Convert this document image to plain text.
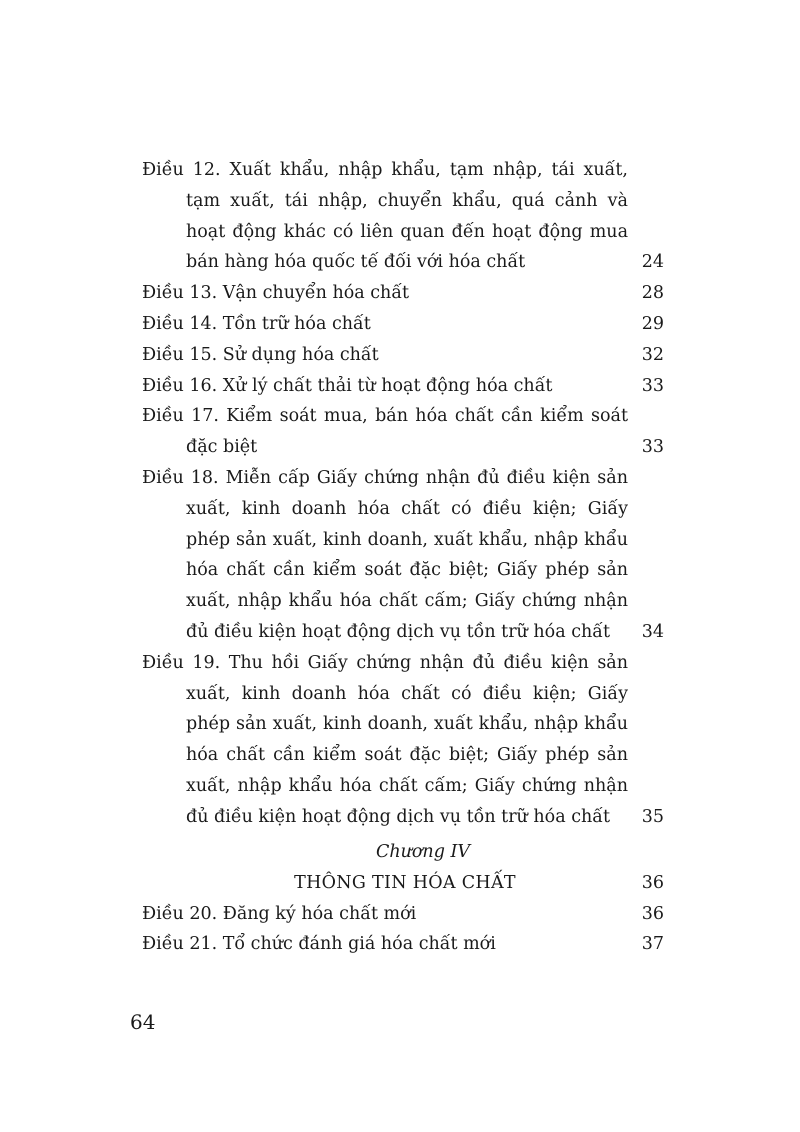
Điều 12. Xuất khẩu, nhập khẩu, tạm nhập, tái xuất, tạm xuất, tái nhập, chuyển khẩu, quá cảnh và hoạt động khác có liên quan đến hoạt động mua bán hàng hóa quốc tế đối với hóa chất	24
Điều 13. Vận chuyển hóa chất	28
Điều 14. Tồn trữ hóa chất	29
Điều 15. Sử dụng hóa chất	32
Điều 16. Xử lý chất thải từ hoạt động hóa chất	33
Điều 17. Kiểm soát mua, bán hóa chất cần kiểm soát đặc biệt	33
Điều 18. Miễn cấp Giấy chứng nhận đủ điều kiện sản xuất, kinh doanh hóa chất có điều kiện; Giấy phép sản xuất, kinh doanh, xuất khẩu, nhập khẩu hóa chất cần kiểm soát đặc biệt; Giấy phép sản xuất, nhập khẩu hóa chất cấm; Giấy chứng nhận đủ điều kiện hoạt động dịch vụ tồn trữ hóa chất	34
Điều 19. Thu hồi Giấy chứng nhận đủ điều kiện sản xuất, kinh doanh hóa chất có điều kiện; Giấy phép sản xuất, kinh doanh, xuất khẩu, nhập khẩu hóa chất cần kiểm soát đặc biệt; Giấy phép sản xuất, nhập khẩu hóa chất cấm; Giấy chứng nhận đủ điều kiện hoạt động dịch vụ tồn trữ hóa chất	35
Chương IV
THÔNG TIN HÓA CHẤT	36
Điều 20. Đăng ký hóa chất mới	36
Điều 21. Tổ chức đánh giá hóa chất mới	37
64
